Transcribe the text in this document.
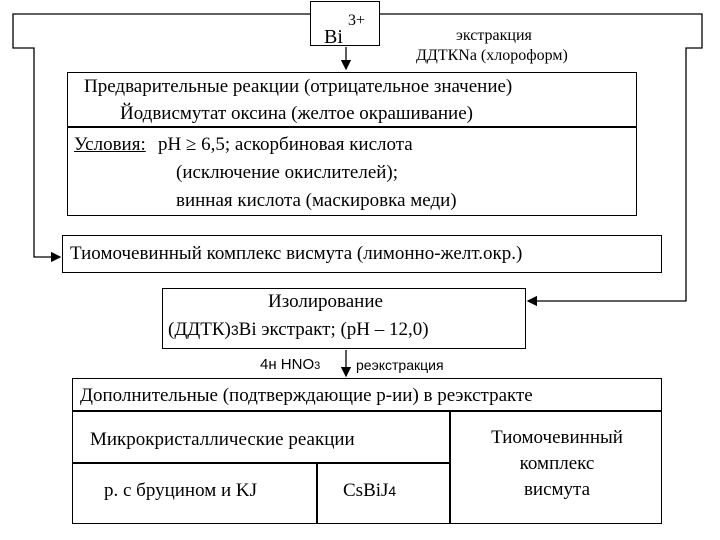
Bi
3+
экстракция
ДДТКNa (хлороформ)
Предварительные реакции (отрицательное значение)
Йодвисмутат оксина (желтое окрашивание)
Условия: pH ≥ 6,5; аскорбиновая кислота
(исключение окислителей);
винная кислота (маскировка меди)
Тиомочевинный комплекс висмута (лимонно-желт.окр.)
Изолирование
(ДДТК)3Bi экстракт; (pH – 12,0)
4н HNO3	реэкстракция
Дополнительные (подтверждающие р-ии) в реэкстракте
Микрокристаллические реакции
р. с бруцином и KJ	CsBiJ4
Тиомочевинный
комплекс
висмута
